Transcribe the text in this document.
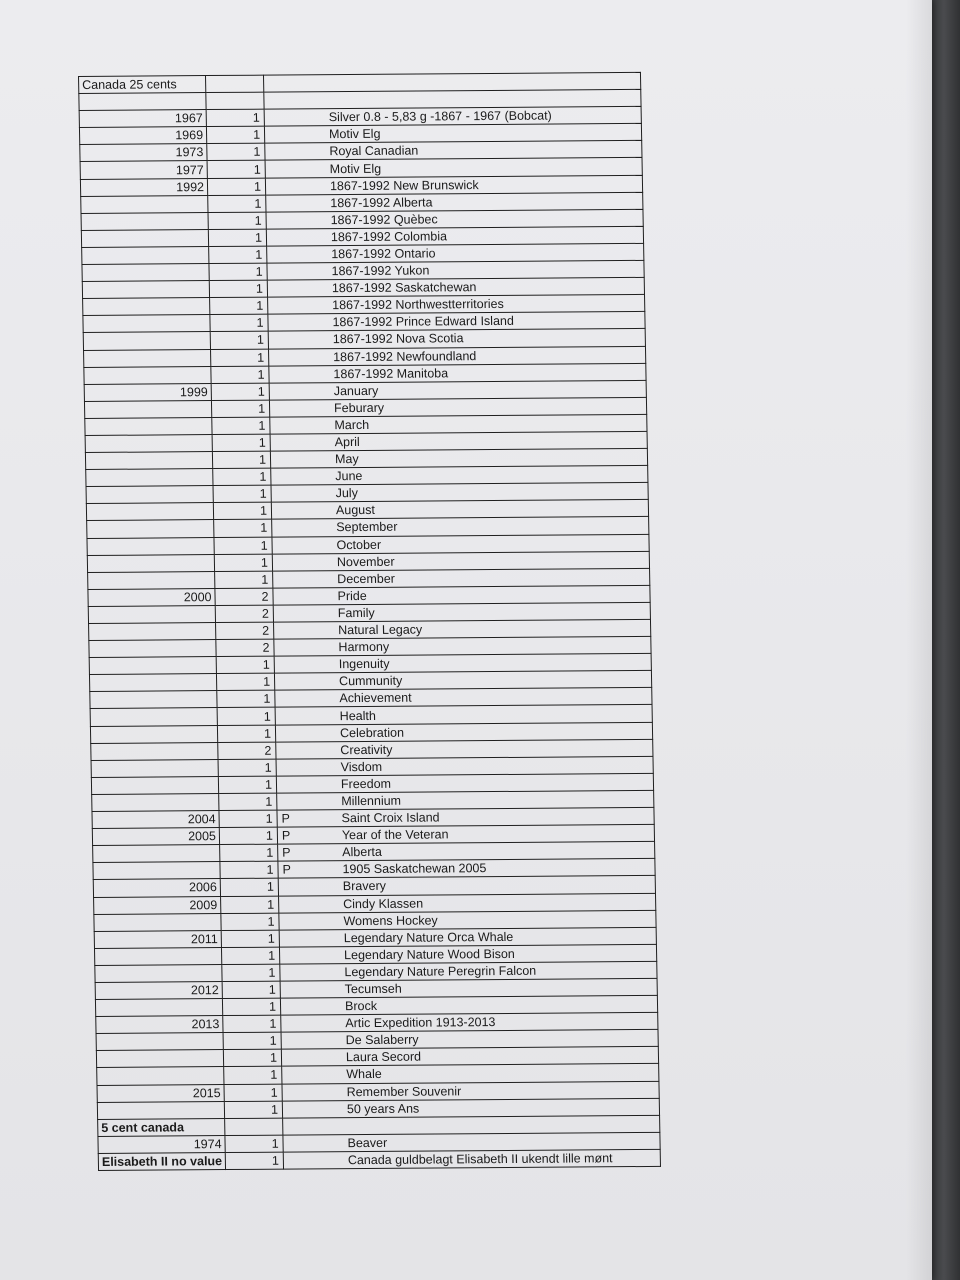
Canada 25 cents		

1967	1	Silver 0.8 - 5,83 g -1867 - 1967 (Bobcat)
1969	1	Motiv Elg
1973	1	Royal Canadian
1977	1	Motiv Elg
1992	1	1867-1992 New Brunswick
	1	1867-1992 Alberta
	1	1867-1992 Quèbec
	1	1867-1992 Colombia
	1	1867-1992 Ontario
	1	1867-1992 Yukon
	1	1867-1992 Saskatchewan
	1	1867-1992 Northwestterritories
	1	1867-1992 Prince Edward Island
	1	1867-1992 Nova Scotia
	1	1867-1992 Newfoundland
	1	1867-1992 Manitoba
1999	1	January
	1	Feburary
	1	March
	1	April
	1	May
	1	June
	1	July
	1	August
	1	September
	1	October
	1	November
	1	December
2000	2	Pride
	2	Family
	2	Natural Legacy
	2	Harmony
	1	Ingenuity
	1	Cummunity
	1	Achievement
	1	Health
	1	Celebration
	2	Creativity
	1	Visdom
	1	Freedom
	1	Millennium
2004	1 P	Saint Croix Island
2005	1 P	Year of the Veteran
	1 P	Alberta
	1 P	1905 Saskatchewan 2005
2006	1	Bravery
2009	1	Cindy Klassen
	1	Womens Hockey
2011	1	Legendary Nature Orca Whale
	1	Legendary Nature Wood Bison
	1	Legendary Nature Peregrin Falcon
2012	1	Tecumseh
	1	Brock
2013	1	Artic Expedition 1913-2013
	1	De Salaberry
	1	Laura Secord
	1	Whale
2015	1	Remember Souvenir
	1	50 years Ans
5 cent canada		
1974	1	Beaver
Elisabeth II no value	1	Canada guldbelagt Elisabeth II ukendt lille mønt
